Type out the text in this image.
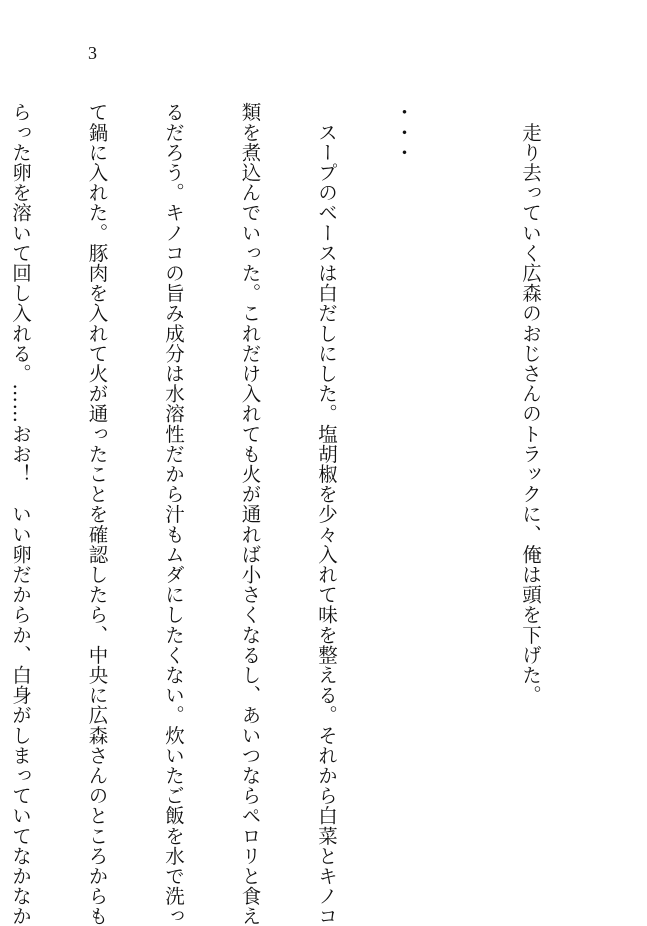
3

　走り去っていく広森のおじさんのトラックに、俺は頭を下げた。

・・・

　スープのベースは白だしにした。塩胡椒を少々入れて味を整える。それから白菜とキノコ

類を煮込んでいった。これだけ入れても火が通れば小さくなるし、あいつならペロリと食え

るだろう。キノコの旨み成分は水溶性だから汁もムダにしたくない。炊いたご飯を水で洗っ

て鍋に入れた。豚肉を入れて火が通ったことを確認したら、中央に広森さんのところからも

らった卵を溶いて回し入れる。……おお！　いい卵だからか、白身がしまっていてなかなか
